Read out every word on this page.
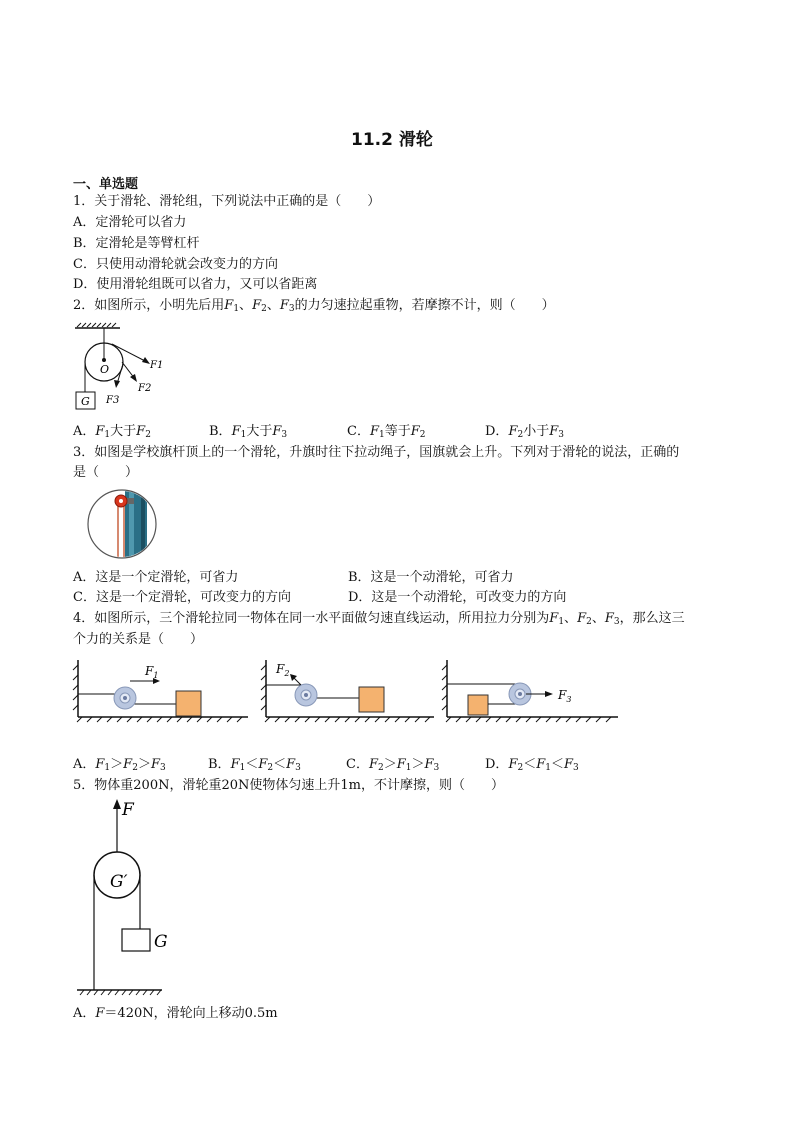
11.2 滑轮
一、单选题
1．关于滑轮、滑轮组，下列说法中正确的是（　　）
A．定滑轮可以省力
B．定滑轮是等臂杠杆
C．只使用动滑轮就会改变力的方向
D．使用滑轮组既可以省力，又可以省距离
2．如图所示，小明先后用$F_1$、$F_2$、$F_3$的力匀速拉起重物，若摩擦不计，则（　　）
O
G
F1
F2
F3
A．$F_1$大于$F_2$	B．$F_1$大于$F_3$	C．$F_1$等于$F_2$	D．$F_2$小于$F_3$
3．如图是学校旗杆顶上的一个滑轮，升旗时往下拉动绳子，国旗就会上升。下列对于滑轮的说法，正确的
是（　　）
A．这是一个定滑轮，可省力	B．这是一个动滑轮，可省力
C．这是一个定滑轮，可改变力的方向	D．这是一个动滑轮，可改变力的方向
4．如图所示，三个滑轮拉同一物体在同一水平面做匀速直线运动，所用拉力分别为$F_1$、$F_2$、$F_3$，那么这三
个力的关系是（　　）
$F_1$	$F_2$
$F_3$
A．$F_1>F_2>F_3$	B．$F_1<F_2<F_3$	C．$F_2>F_1>F_3$	D．$F_2<F_1<F_3$
5．物体重200N，滑轮重20N使物体匀速上升1m，不计摩擦，则（　　）
F
G′
G
A．F＝420N，滑轮向上移动0.5m
